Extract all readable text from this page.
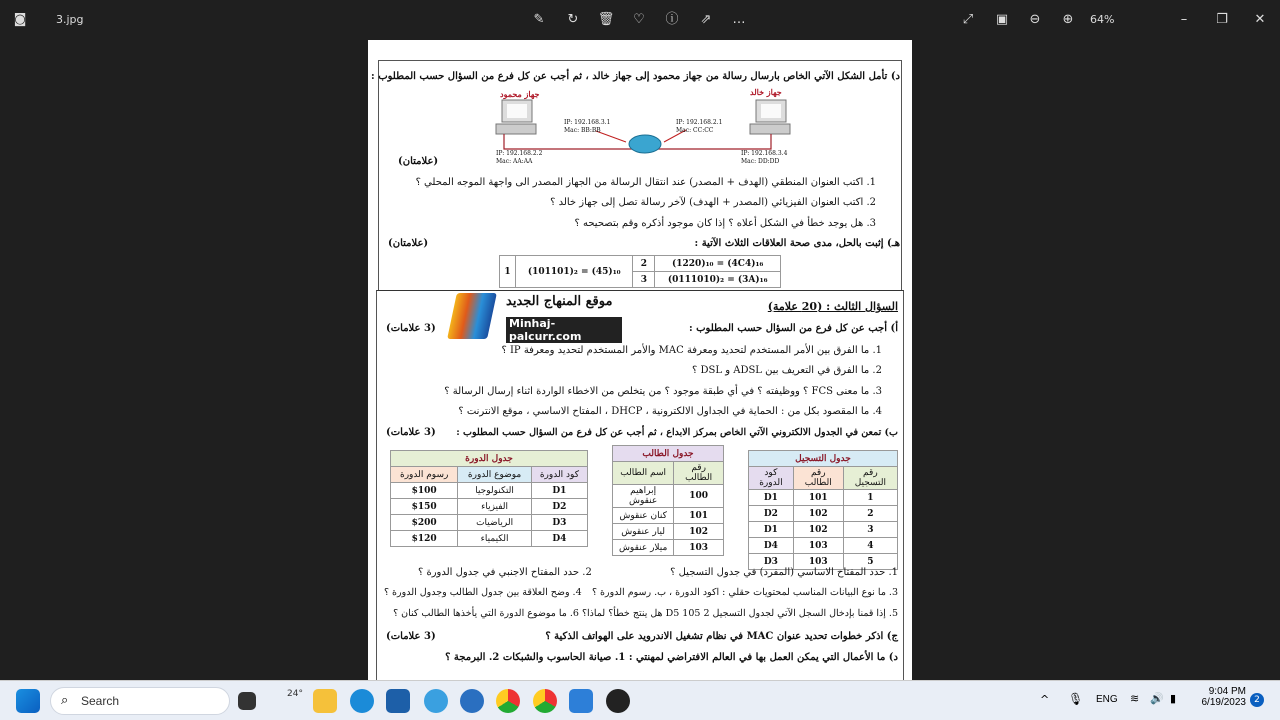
◙	3.jpg	✎	↻	🗑	♡	ⓘ	⇗	…	⤢	▣	⊖	⊕	64%	–	❐	✕
د) تأمل الشكل الآتي الخاص بارسال رسالة من جهاز محمود إلى جهاز خالد ، ثم أجب عن كل فرع من السؤال حسب المطلوب :
جهاز محمود	جهاز خالد
IP: 192.168.2.2
Mac: AA:AA
IP: 192.168.3.1
Mac: BB:BB
IP: 192.168.2.1
Mac: CC:CC
IP: 192.168.3.4
Mac: DD:DD
(علامتان)
1. اكتب العنوان المنطقي (الهدف + المصدر) عند انتقال الرسالة من الجهاز المصدر الى واجهة الموجه المحلي ؟
2. اكتب العنوان الفيزيائي (المصدر + الهدف) لآخر رسالة تصل إلى جهاز خالد ؟
3. هل يوجد خطأ في الشكل أعلاه ؟ إذا كان موجود أذكره وقم بتصحيحه ؟
هـ) إثبت بالحل، مدى صحة العلاقات الثلاث الآتية :
(علامتان)
1	(101101)₂ = (45)₁₀	2	(1220)₁₀ = (4C4)₁₆
		3	(0111010)₂ = (3A)₁₆
السؤال الثالث : (20 علامة)
موقع المنهاج الجديد
Minhaj-palcurr.com
أ) أجب عن كل فرع من السؤال حسب المطلوب :
(3 علامات)
1. ما الفرق بين الأمر المستخدم لتحديد ومعرفة MAC والأمر المستخدم لتحديد ومعرفة IP ؟
2. ما الفرق في التعريف بين ADSL و DSL ؟
3. ما معنى FCS ؟ ووظيفته ؟ في أي طبقة موجود ؟ من يتخلص من الاخطاء الواردة اثناء إرسال الرسالة ؟
4. ما المقصود بكل من : الحماية في الجداول الالكترونية ، DHCP ، المفتاح الاساسي ، موقع الانترنت ؟
ب) تمعن في الجدول الالكتروني الآتي الخاص بمركز الابداع ، ثم أجب عن كل فرع من السؤال حسب المطلوب :
(3 علامات)
جدول الدورة		
كود الدورة	موضوع الدورة	رسوم الدورة
D1	التكنولوجيا	$100
D2	الفيزياء	$150
D3	الرياضيات	$200
D4	الكيمياء	$120
جدول الطالب	
رقم الطالب	اسم الطالب
100	إبراهيم عنقوش
101	كنان عنقوش
102	ليار عنقوش
103	ميلار عنقوش
جدول التسجيل		
رقم التسجيل	رقم الطالب	كود الدورة
1	101	D1
2	102	D2
3	102	D1
4	103	D4
5	103	D3
1. حدد المفتاح الاساسي (المفرد) في جدول التسجيل ؟
2. حدد المفتاح الاجنبي في جدول الدورة ؟
3. ما نوع البيانات المناسب لمحتويات حقلي : اكود الدورة ، ب. رسوم الدورة ؟
4. وضح العلاقة بين جدول الطالب وجدول الدورة ؟
5. إذا قمنا بإدخال السجل الآتي لجدول التسجيل 2 105 D5 هل ينتج خطأ؟ لماذا؟ 6. ما موضوع الدورة التي يأخذها الطالب كنان ؟
ج) اذكر خطوات تحديد عنوان MAC في نظام تشغيل الاندرويد على الهواتف الذكية ؟
(3 علامات)
د) ما الأعمال التي يمكن العمل بها في العالم الافتراضي لمهنتي : 1. صيانة الحاسوب والشبكات 2. البرمجة ؟
⌕ Search	24°	^ 🎙 ENG ≋ 🔊 ▮
9:04 PM
6/19/2023 2
